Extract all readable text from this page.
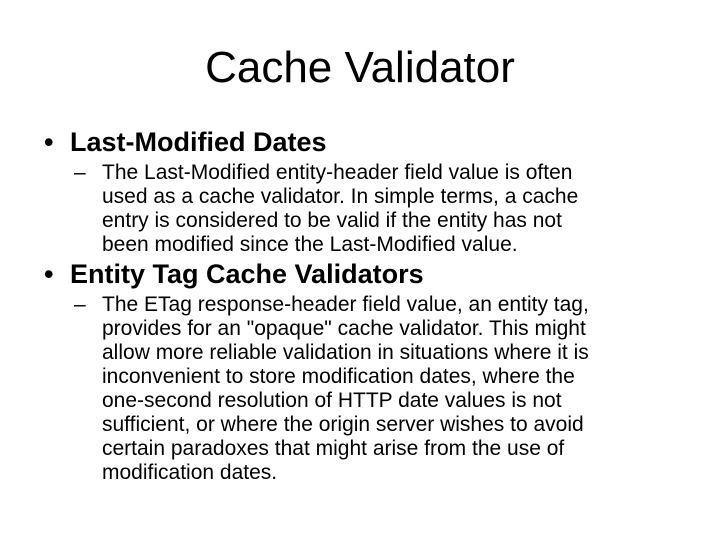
Cache Validator
• Last-Modified Dates
– The Last-Modified entity-header field value is often
used as a cache validator. In simple terms, a cache
entry is considered to be valid if the entity has not
been modified since the Last-Modified value.
• Entity Tag Cache Validators
– The ETag response-header field value, an entity tag,
provides for an "opaque" cache validator. This might
allow more reliable validation in situations where it is
inconvenient to store modification dates, where the
one-second resolution of HTTP date values is not
sufficient, or where the origin server wishes to avoid
certain paradoxes that might arise from the use of
modification dates.
